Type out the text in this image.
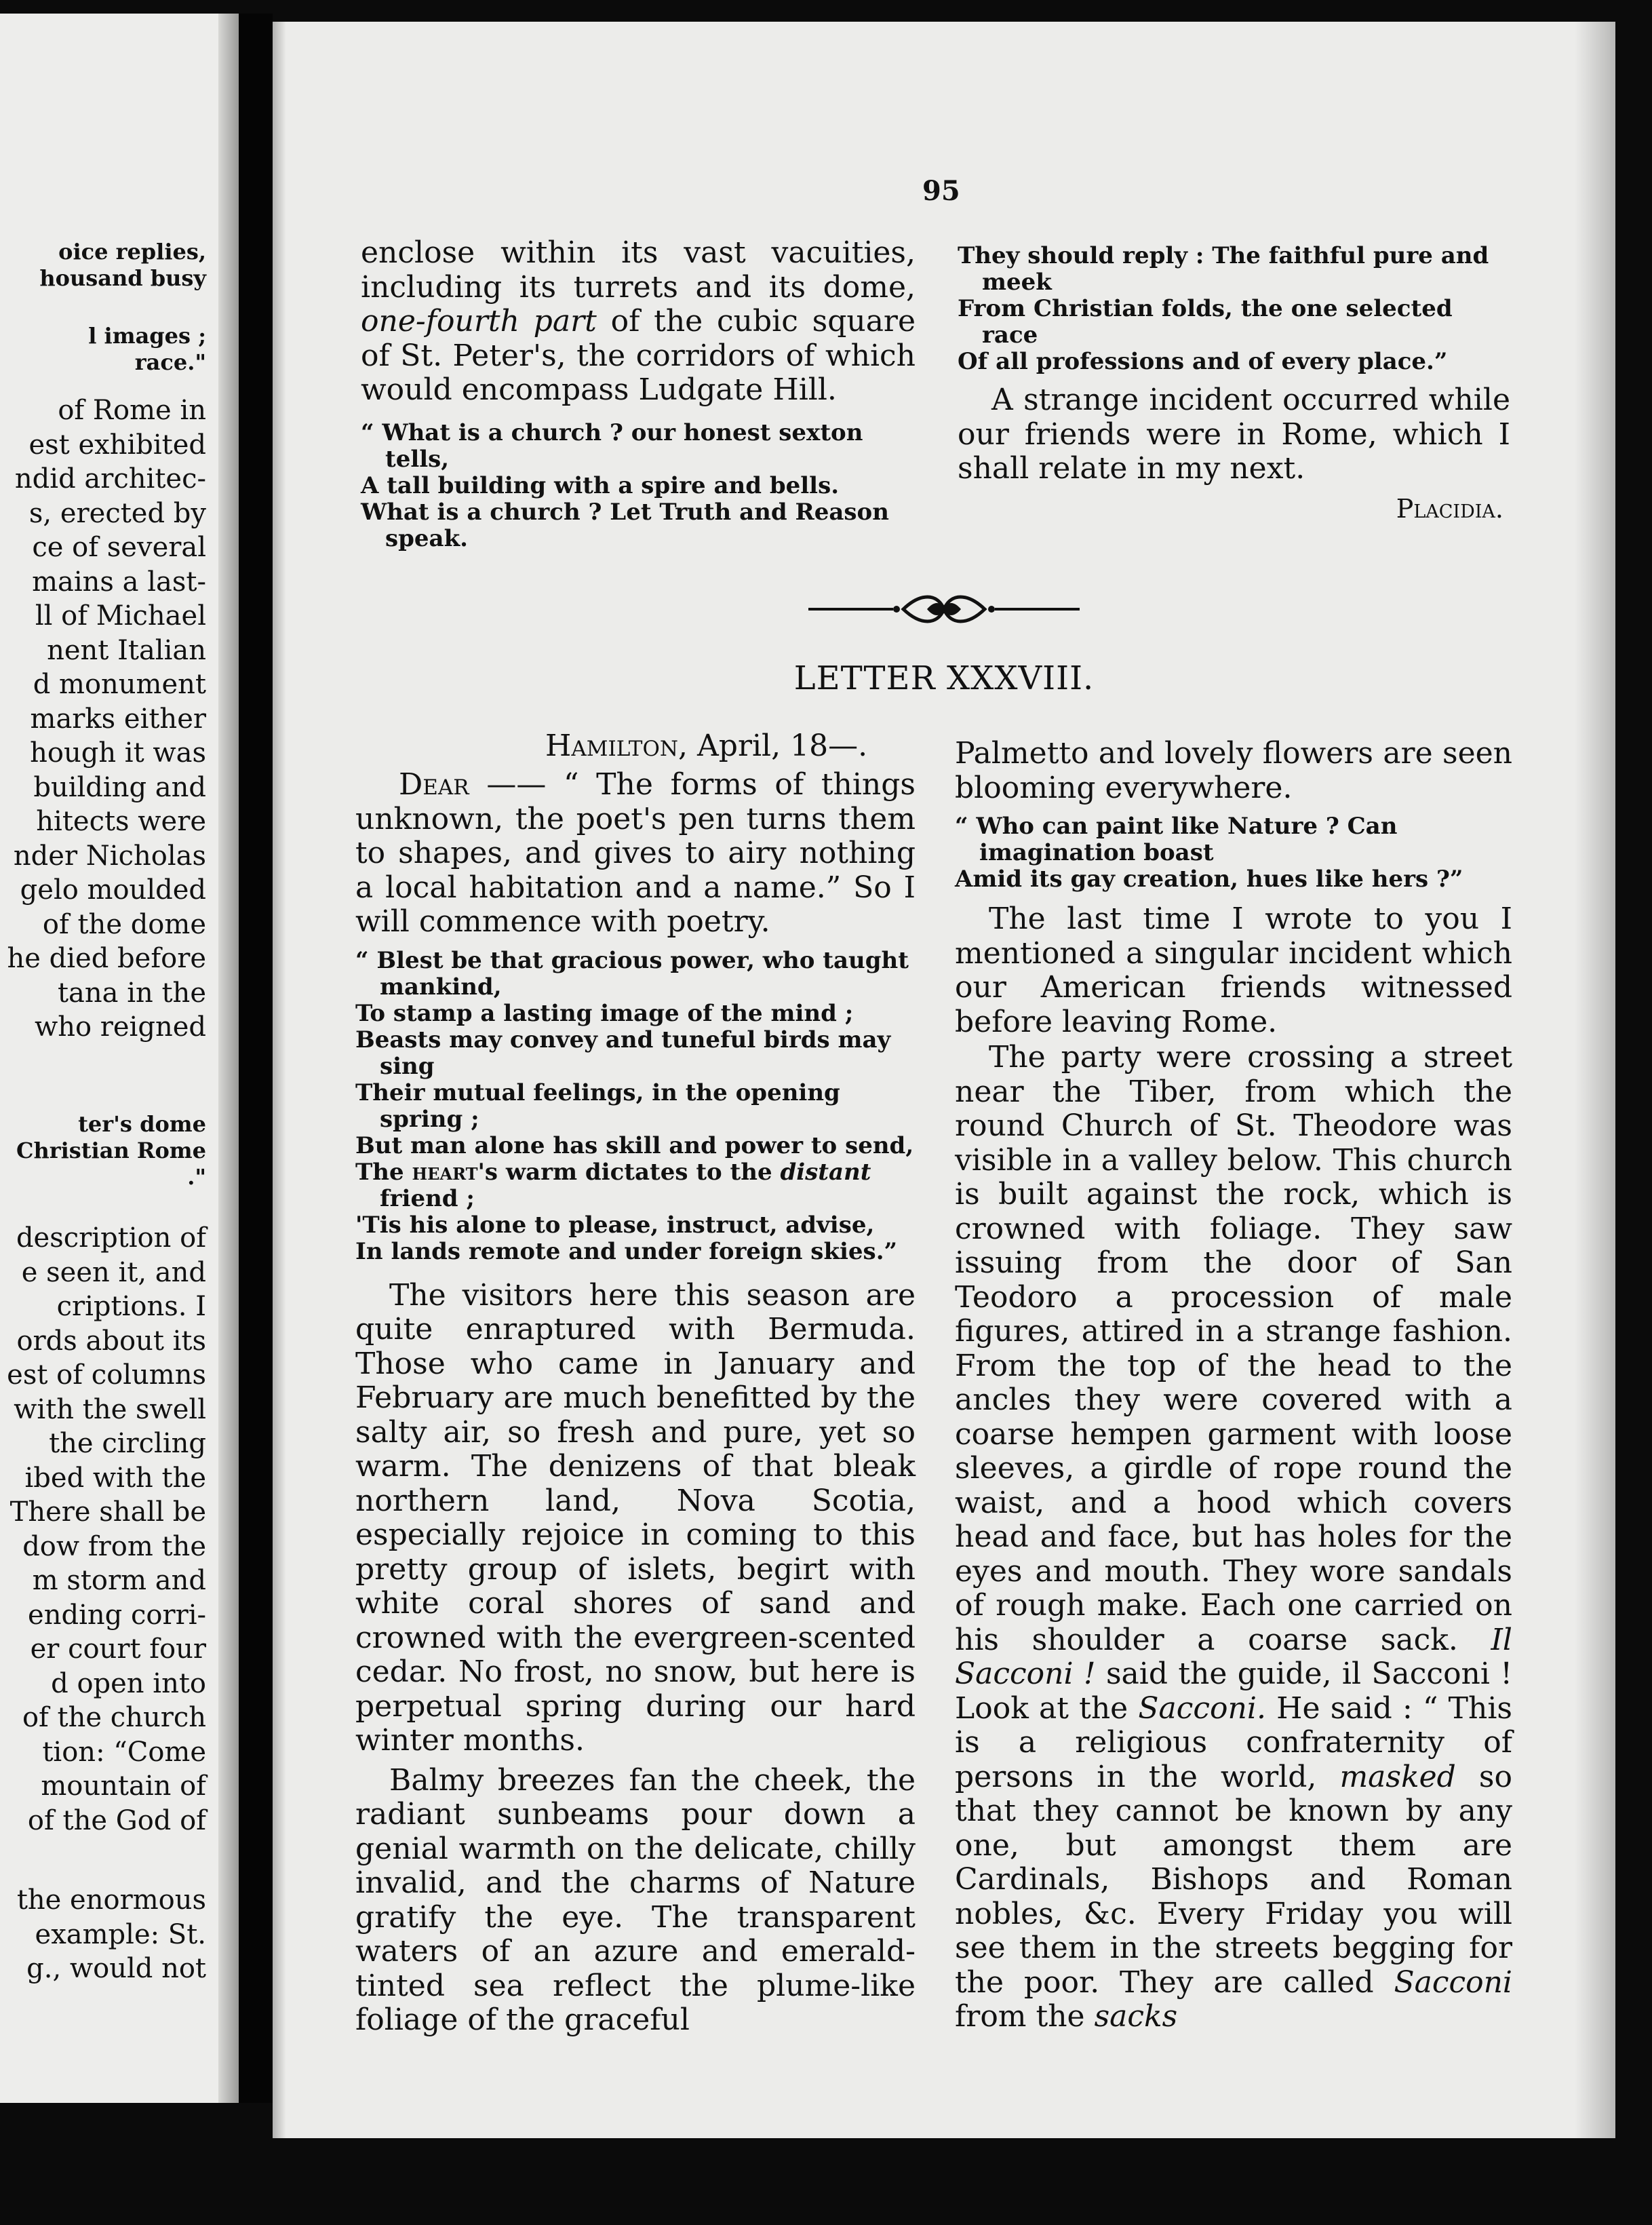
oice replies,
housand busy
l images ;
race."
of Rome in
est exhibited
ndid architec-
s, erected by
ce of several
mains a last-
ll of Michael
nent Italian
d monument
marks either
hough it was
building and
hitects were
nder Nicholas
gelo moulded
of the dome
he died before
tana in the
who reigned
ter's dome
Christian Rome
."
description of
e seen it, and
criptions. I
ords about its
est of columns
with the swell
the circling
ibed with the
There shall be
dow from the
m storm and
ending corri-
er court four
d open into
of the church
tion: “Come
mountain of
of the God of
the enormous
example: St.
g., would not
95

enclose within its vast vacuities, including its turrets and its dome, one-fourth part of the cubic square of St. Peter's, the corridors of which would encompass Ludgate Hill.

“ What is a church ? our honest sexton tells,
A tall building with a spire and bells.
What is a church ? Let Truth and Reason speak.
They should reply : The faithful pure and meek
From Christian folds, the one selected race
Of all professions and of every place.”

A strange incident occurred while our friends were in Rome, which I shall relate in my next.

Placidia.
LETTER XXXVIII.
Hamilton, April, 18—.

Dear —— “ The forms of things unknown, the poet's pen turns them to shapes, and gives to airy nothing a local habitation and a name.” So I will commence with poetry.

“ Blest be that gracious power, who taught mankind,
To stamp a lasting image of the mind ;
Beasts may convey and tuneful birds may sing
Their mutual feelings, in the opening spring ;
But man alone has skill and power to send,
The heart's warm dictates to the distant friend ;
'Tis his alone to please, instruct, advise,
In lands remote and under foreign skies.”

The visitors here this season are quite enraptured with Bermuda. Those who came in January and February are much benefitted by the salty air, so fresh and pure, yet so warm. The denizens of that bleak northern land, Nova Scotia, especially rejoice in coming to this pretty group of islets, begirt with white coral shores of sand and crowned with the evergreen-scented cedar. No frost, no snow, but here is perpetual spring during our hard winter months.

Balmy breezes fan the cheek, the radiant sunbeams pour down a genial warmth on the delicate, chilly invalid, and the charms of Nature gratify the eye. The transparent waters of an azure and emerald-tinted sea reflect the plume-like foliage of the graceful

Palmetto and lovely flowers are seen blooming everywhere.

“ Who can paint like Nature ? Can imagination boast
Amid its gay creation, hues like hers ?”

The last time I wrote to you I mentioned a singular incident which our American friends witnessed before leaving Rome.

The party were crossing a street near the Tiber, from which the round Church of St. Theodore was visible in a valley below. This church is built against the rock, which is crowned with foliage. They saw issuing from the door of San Teodoro a procession of male figures, attired in a strange fashion. From the top of the head to the ancles they were covered with a coarse hempen garment with loose sleeves, a girdle of rope round the waist, and a hood which covers head and face, but has holes for the eyes and mouth. They wore sandals of rough make. Each one carried on his shoulder a coarse sack. Il Sacconi ! said the guide, il Sacconi ! Look at the Sacconi. He said : “ This is a religious confraternity of persons in the world, masked so that they cannot be known by any one, but amongst them are Cardinals, Bishops and Roman nobles, &c. Every Friday you will see them in the streets begging for the poor. They are called Sacconi from the sacks
